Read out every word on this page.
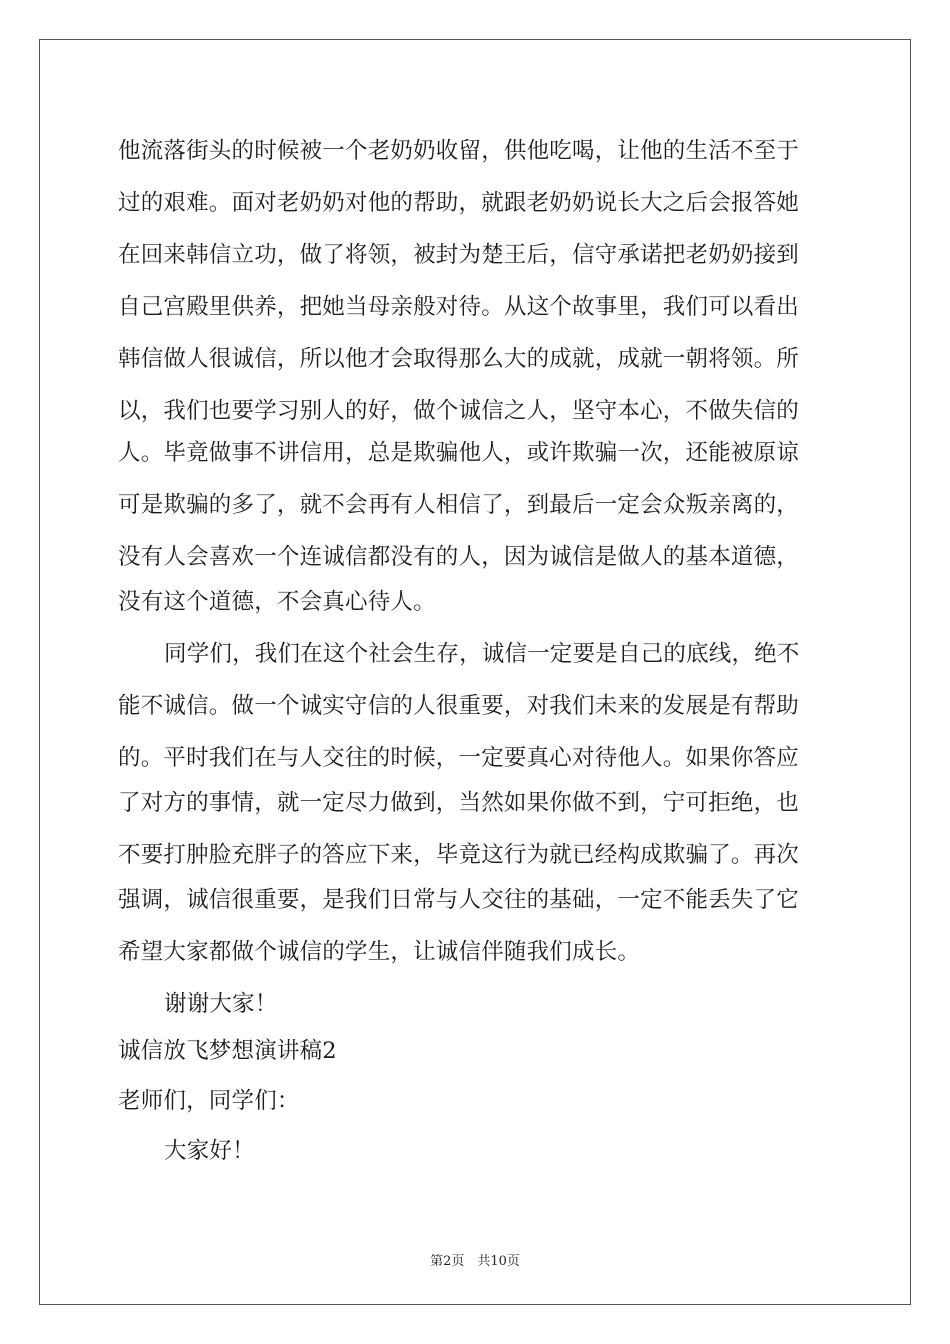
他流落街头的时候被一个老奶奶收留，供他吃喝，让他的生活不至于
过的艰难。面对老奶奶对他的帮助，就跟老奶奶说长大之后会报答她
在回来韩信立功，做了将领，被封为楚王后，信守承诺把老奶奶接到
自己宫殿里供养，把她当母亲般对待。从这个故事里，我们可以看出
韩信做人很诚信，所以他才会取得那么大的成就，成就一朝将领。所
以，我们也要学习别人的好，做个诚信之人，坚守本心，不做失信的
人。毕竟做事不讲信用，总是欺骗他人，或许欺骗一次，还能被原谅
可是欺骗的多了，就不会再有人相信了，到最后一定会众叛亲离的，
没有人会喜欢一个连诚信都没有的人，因为诚信是做人的基本道德，
没有这个道德，不会真心待人。
同学们，我们在这个社会生存，诚信一定要是自己的底线，绝不
能不诚信。做一个诚实守信的人很重要，对我们未来的发展是有帮助
的。平时我们在与人交往的时候，一定要真心对待他人。如果你答应
了对方的事情，就一定尽力做到，当然如果你做不到，宁可拒绝，也
不要打肿脸充胖子的答应下来，毕竟这行为就已经构成欺骗了。再次
强调，诚信很重要，是我们日常与人交往的基础，一定不能丢失了它
希望大家都做个诚信的学生，让诚信伴随我们成长。
谢谢大家！
诚信放飞梦想演讲稿2
老师们，同学们：
大家好！
第2页　共10页
